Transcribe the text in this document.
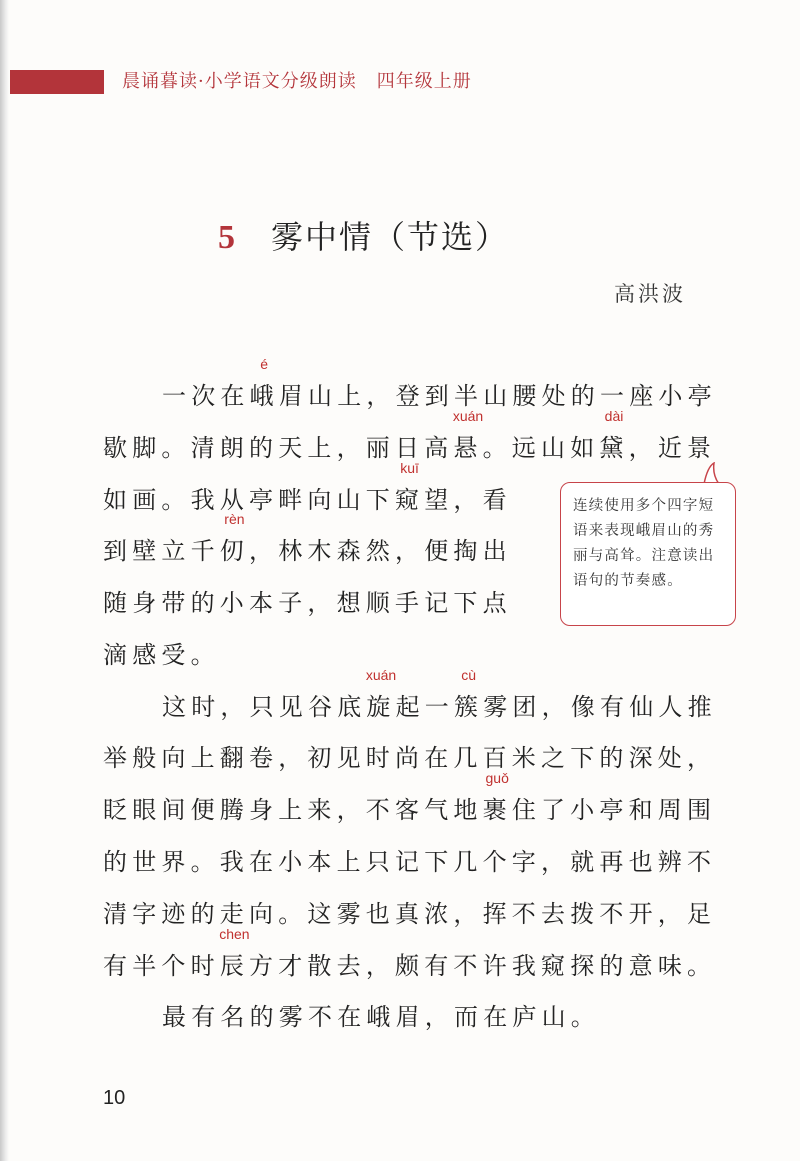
晨诵暮读·小学语文分级朗读 四年级上册
5 雾中情（节选）
高洪波
一次在
é
峨眉山上，登到半山腰处的一座小亭
歇脚。清朗的天上，丽日高
xuán
悬。远山如
dài
黛，近景
如画。我从亭畔向山下
kuī
窥望，看
到壁立千
rèn
仞，林木森然，便掏出
随身带的小本子，想顺手记下点
滴感受。
连续使用多个四字短语来表现峨眉山的秀丽与高耸。注意读出语句的节奏感。
这时，只见谷底
xuán
旋起一
cù
簇雾团，像有仙人推
举般向上翻卷，初见时尚在几百米之下的深处，
眨眼间便腾身上来，不客气地
guǒ
裹住了小亭和周围
的世界。我在小本上只记下几个字，就再也辨不
清字迹的走向。这雾也真浓，挥不去拨不开，足
有半个时
chen
辰方才散去，颇有不许我窥探的意味。
最有名的雾不在峨眉，而在庐山。
10
